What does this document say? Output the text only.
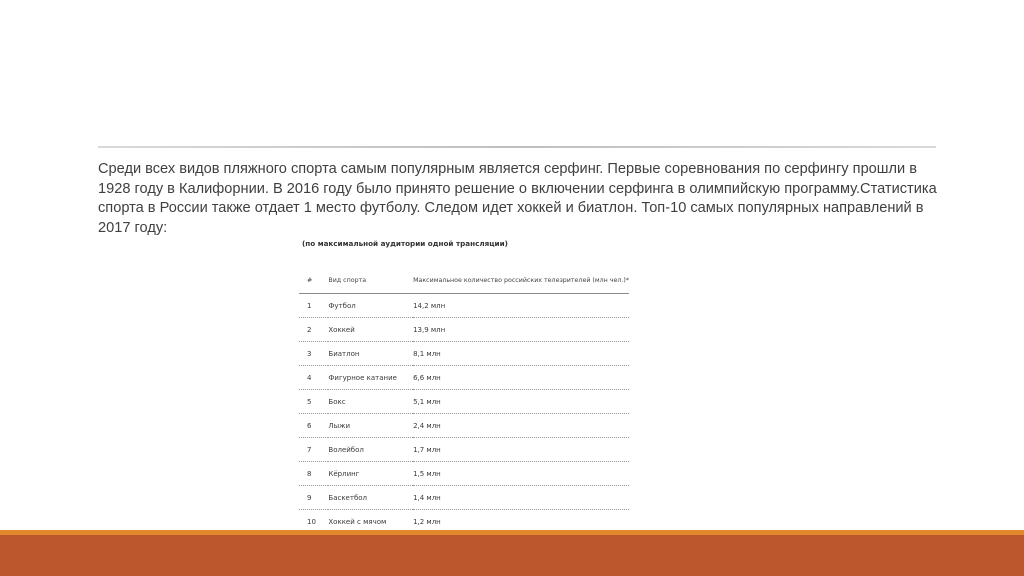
Среди всех видов пляжного спорта самым популярным является серфинг. Первые соревнования по серфингу прошли в 1928 году в Калифорнии. В 2016 году было принято решение о включении серфинга в олимпийскую программу.Статистика спорта в России также отдает 1 место футболу. Следом идет хоккей и биатлон. Топ-10 самых популярных направлений в 2017 году:

(по максимальной аудитории одной трансляции)
#	Вид спорта	Максимальное количество российских телезрителей (млн чел.)*
1	Футбол	14,2 млн
2	Хоккей	13,9 млн
3	Биатлон	8,1 млн
4	Фигурное катание	6,6 млн
5	Бокс	5,1 млн
6	Лыжи	2,4 млн
7	Волейбол	1,7 млн
8	Кёрлинг	1,5 млн
9	Баскетбол	1,4 млн
10	Хоккей с мячом	1,2 млн
